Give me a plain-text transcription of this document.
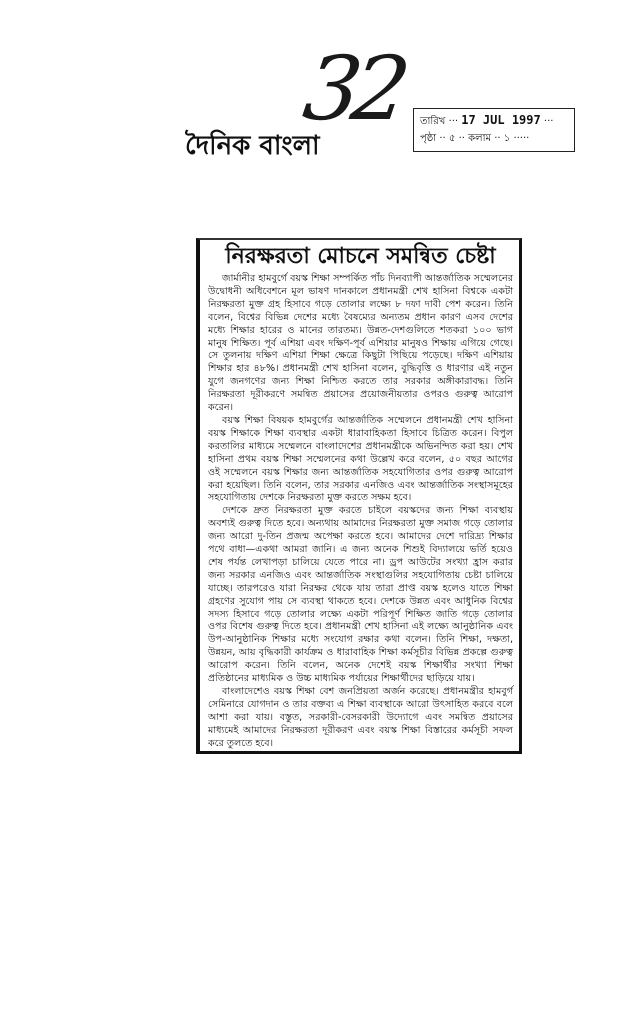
32
দৈনিক বাংলা
তারিখ ··· 17 JUL 1997 ···
পৃষ্ঠা ·· ৫ ·· কলাম ·· ১ ·····
নিরক্ষরতা মোচনে সমন্বিত চেষ্টা

জার্মানীর হামবুর্গে বয়স্ক শিক্ষা সম্পর্কিত পাঁচ দিনব্যাপী আন্তর্জাতিক সম্মেলনের উদ্বোধনী অধিবেশনে মূল ভাষণ দানকালে প্রধানমন্ত্রী শেখ হাসিনা বিশ্বকে একটা নিরক্ষরতা মুক্ত গ্রহ হিসাবে গড়ে তোলার লক্ষ্যে ৮ দফা দাবী পেশ করেন। তিনি বলেন, বিশ্বের বিভিন্ন দেশের মধ্যে বৈষম্যের অন্যতম প্রধান কারণ এসব দেশের মধ্যে শিক্ষার হারের ও মানের তারতম্য। উন্নত-দেশগুলিতে শতকরা ১০০ ভাগ মানুষ শিক্ষিত। পূর্ব এশিয়া এবং দক্ষিণ-পূর্ব এশিয়ার মানুষও শিক্ষায় এগিয়ে গেছে। সে তুলনায় দক্ষিণ এশিয়া শিক্ষা ক্ষেত্রে কিছুটা পিছিয়ে পড়েছে। দক্ষিণ এশিয়ায় শিক্ষার হার ৪৮%। প্রধানমন্ত্রী শেখ হাসিনা বলেন, বুদ্ধিবৃত্তি ও ধারণার এই নতুন যুগে জনগণের জন্য শিক্ষা নিশ্চিত করতে তার সরকার অঙ্গীকারাবদ্ধ। তিনি নিরক্ষরতা দূরীকরণে সমন্বিত প্রয়াসের প্রয়োজনীয়তার ওপরও গুরুত্ব আরোপ করেন।

বয়স্ক শিক্ষা বিষয়ক হামবুর্গের আন্তর্জাতিক সম্মেলনে প্রধানমন্ত্রী শেখ হাসিনা বয়স্ক শিক্ষাকে শিক্ষা ব্যবস্থার একটা ধারাবাহিকতা হিসাবে চিত্রিত করেন। বিপুল করতালির মাধ্যমে সম্মেলনে বাংলাদেশের প্রধানমন্ত্রীকে অভিনন্দিত করা হয়। শেখ হাসিনা প্রথম বয়স্ক শিক্ষা সম্মেলনের কথা উল্লেখ করে বলেন, ৫০ বছর আগের ওই সম্মেলনে বয়স্ক শিক্ষার জন্য আন্তর্জাতিক সহযোগিতার ওপর গুরুত্ব আরোপ করা হয়েছিল। তিনি বলেন, তার সরকার এনজিও এবং আন্তর্জাতিক সংস্থাসমূহের সহযোগিতায় দেশকে নিরক্ষরতা মুক্ত করতে সক্ষম হবে।

দেশকে দ্রুত নিরক্ষরতা মুক্ত করতে চাইলে বয়স্কদের জন্য শিক্ষা ব্যবস্থায় অবশ্যই গুরুত্ব দিতে হবে। অন্যথায় আমাদের নিরক্ষরতা মুক্ত সমাজ গড়ে তোলার জন্য আরো দু-তিন প্রজন্ম অপেক্ষা করতে হবে। আমাদের দেশে দারিদ্র্য শিক্ষার পথে বাধা—একথা আমরা জানি। এ জন্য অনেক শিশুই বিদ্যালয়ে ভর্তি হয়েও শেষ পর্যন্ত লেখাপড়া চালিয়ে যেতে পারে না। ড্রপ আউটের সংখ্যা হ্রাস করার জন্য সরকার এনজিও এবং আন্তর্জাতিক সংস্থাগুলির সহযোগিতায় চেষ্টা চালিয়ে যাচ্ছে। তারপরেও যারা নিরক্ষর থেকে যায় তারা প্রাপ্ত বয়স্ক হলেও যাতে শিক্ষা গ্রহণের সুযোগ পায় সে ব্যবস্থা থাকতে হবে। দেশকে উন্নত এবং আধুনিক বিশ্বের সদস্য হিসাবে গড়ে তোলার লক্ষ্যে একটা পরিপূর্ণ শিক্ষিত জাতি গড়ে তোলার ওপর বিশেষ গুরুত্ব দিতে হবে। প্রধানমন্ত্রী শেখ হাসিনা এই লক্ষ্যে আনুষ্ঠানিক এবং উপ-আনুষ্ঠানিক শিক্ষার মধ্যে সংযোগ রক্ষার কথা বলেন। তিনি শিক্ষা, দক্ষতা, উন্নয়ন, আয় বৃদ্ধিকারী কার্যক্রম ও ধারাবাহিক শিক্ষা কর্মসূচীর বিভিন্ন প্রকল্পে গুরুত্ব আরোপ করেন। তিনি বলেন, অনেক দেশেই বয়স্ক শিক্ষার্থীর সংখ্যা শিক্ষা প্রতিষ্ঠানের মাধ্যমিক ও উচ্চ মাধ্যমিক পর্যায়ের শিক্ষার্থীদের ছাড়িয়ে যায়।

বাংলাদেশেও বয়স্ক শিক্ষা বেশ জনপ্রিয়তা অর্জন করেছে। প্রধানমন্ত্রীর হামবুর্গ সেমিনারে যোগদান ও তার বক্তব্য এ শিক্ষা ব্যবস্থাকে আরো উৎসাহিত করবে বলে আশা করা যায়। বস্তুত, সরকারী-বেসরকারী উদ্যোগে এবং সমন্বিত প্রয়াসের মাধ্যমেই আমাদের নিরক্ষরতা দূরীকরণ এবং বয়স্ক শিক্ষা বিস্তারের কর্মসূচী সফল করে তুলতে হবে।
